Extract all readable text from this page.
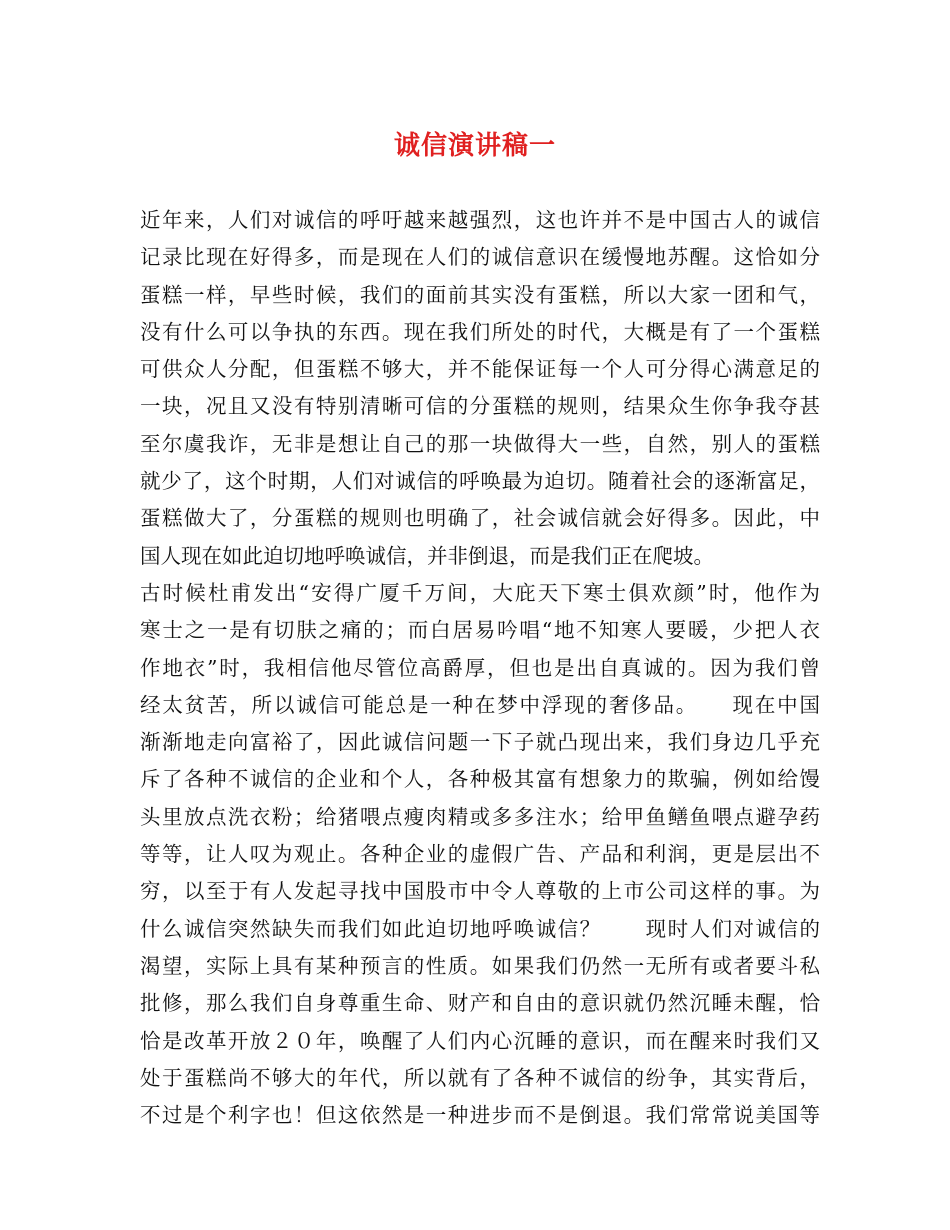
诚信演讲稿一
近年来，人们对诚信的呼吁越来越强烈，这也许并不是中国古人的诚信
记录比现在好得多，而是现在人们的诚信意识在缓慢地苏醒。这恰如分
蛋糕一样，早些时候，我们的面前其实没有蛋糕，所以大家一团和气，
没有什么可以争执的东西。现在我们所处的时代，大概是有了一个蛋糕
可供众人分配，但蛋糕不够大，并不能保证每一个人可分得心满意足的
一块，况且又没有特别清晰可信的分蛋糕的规则，结果众生你争我夺甚
至尔虞我诈，无非是想让自己的那一块做得大一些，自然，别人的蛋糕
就少了，这个时期，人们对诚信的呼唤最为迫切。随着社会的逐渐富足，
蛋糕做大了，分蛋糕的规则也明确了，社会诚信就会好得多。因此，中
国人现在如此迫切地呼唤诚信，并非倒退，而是我们正在爬坡。
古时候杜甫发出“安得广厦千万间，大庇天下寒士俱欢颜”时，他作为
寒士之一是有切肤之痛的；而白居易吟唱“地不知寒人要暖，少把人衣
作地衣”时，我相信他尽管位高爵厚，但也是出自真诚的。因为我们曾
经太贫苦，所以诚信可能总是一种在梦中浮现的奢侈品。　　现在中国
渐渐地走向富裕了，因此诚信问题一下子就凸现出来，我们身边几乎充
斥了各种不诚信的企业和个人，各种极其富有想象力的欺骗，例如给馒
头里放点洗衣粉；给猪喂点瘦肉精或多多注水；给甲鱼鳝鱼喂点避孕药
等等，让人叹为观止。各种企业的虚假广告、产品和利润，更是层出不
穷，以至于有人发起寻找中国股市中令人尊敬的上市公司这样的事。为
什么诚信突然缺失而我们如此迫切地呼唤诚信？　　现时人们对诚信的
渴望，实际上具有某种预言的性质。如果我们仍然一无所有或者要斗私
批修，那么我们自身尊重生命、财产和自由的意识就仍然沉睡未醒，恰
恰是改革开放２０年，唤醒了人们内心沉睡的意识，而在醒来时我们又
处于蛋糕尚不够大的年代，所以就有了各种不诚信的纷争，其实背后，
不过是个利字也！但这依然是一种进步而不是倒退。我们常常说美国等
